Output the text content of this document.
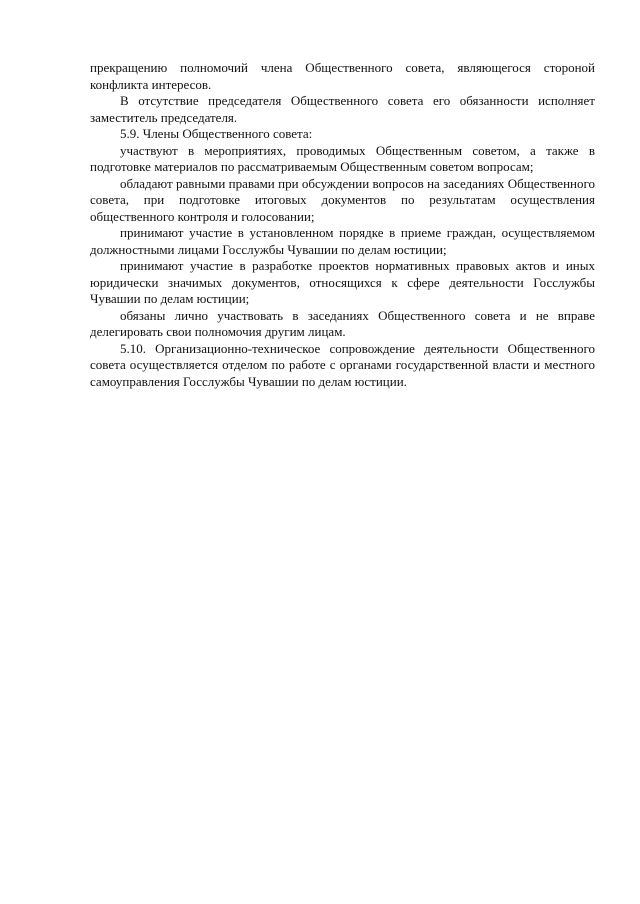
прекращению полномочий члена Общественного совета, являющегося стороной конфликта интересов.

В отсутствие председателя Общественного совета его обязанности исполняет заместитель председателя.

5.9. Члены Общественного совета:

участвуют в мероприятиях, проводимых Общественным советом, а также в подготовке материалов по рассматриваемым Общественным советом вопросам;

обладают равными правами при обсуждении вопросов на заседаниях Общественного совета, при подготовке итоговых документов по результатам осуществления общественного контроля и голосовании;

принимают участие в установленном порядке в приеме граждан, осуществляемом должностными лицами Госслужбы Чувашии по делам юстиции;

принимают участие в разработке проектов нормативных правовых актов и иных юридически значимых документов, относящихся к сфере деятельности Госслужбы Чувашии по делам юстиции;

обязаны лично участвовать в заседаниях Общественного совета и не вправе делегировать свои полномочия другим лицам.

5.10. Организационно-техническое сопровождение деятельности Общественного совета осуществляется отделом по работе с органами государственной власти и местного самоуправления Госслужбы Чувашии по делам юстиции.
